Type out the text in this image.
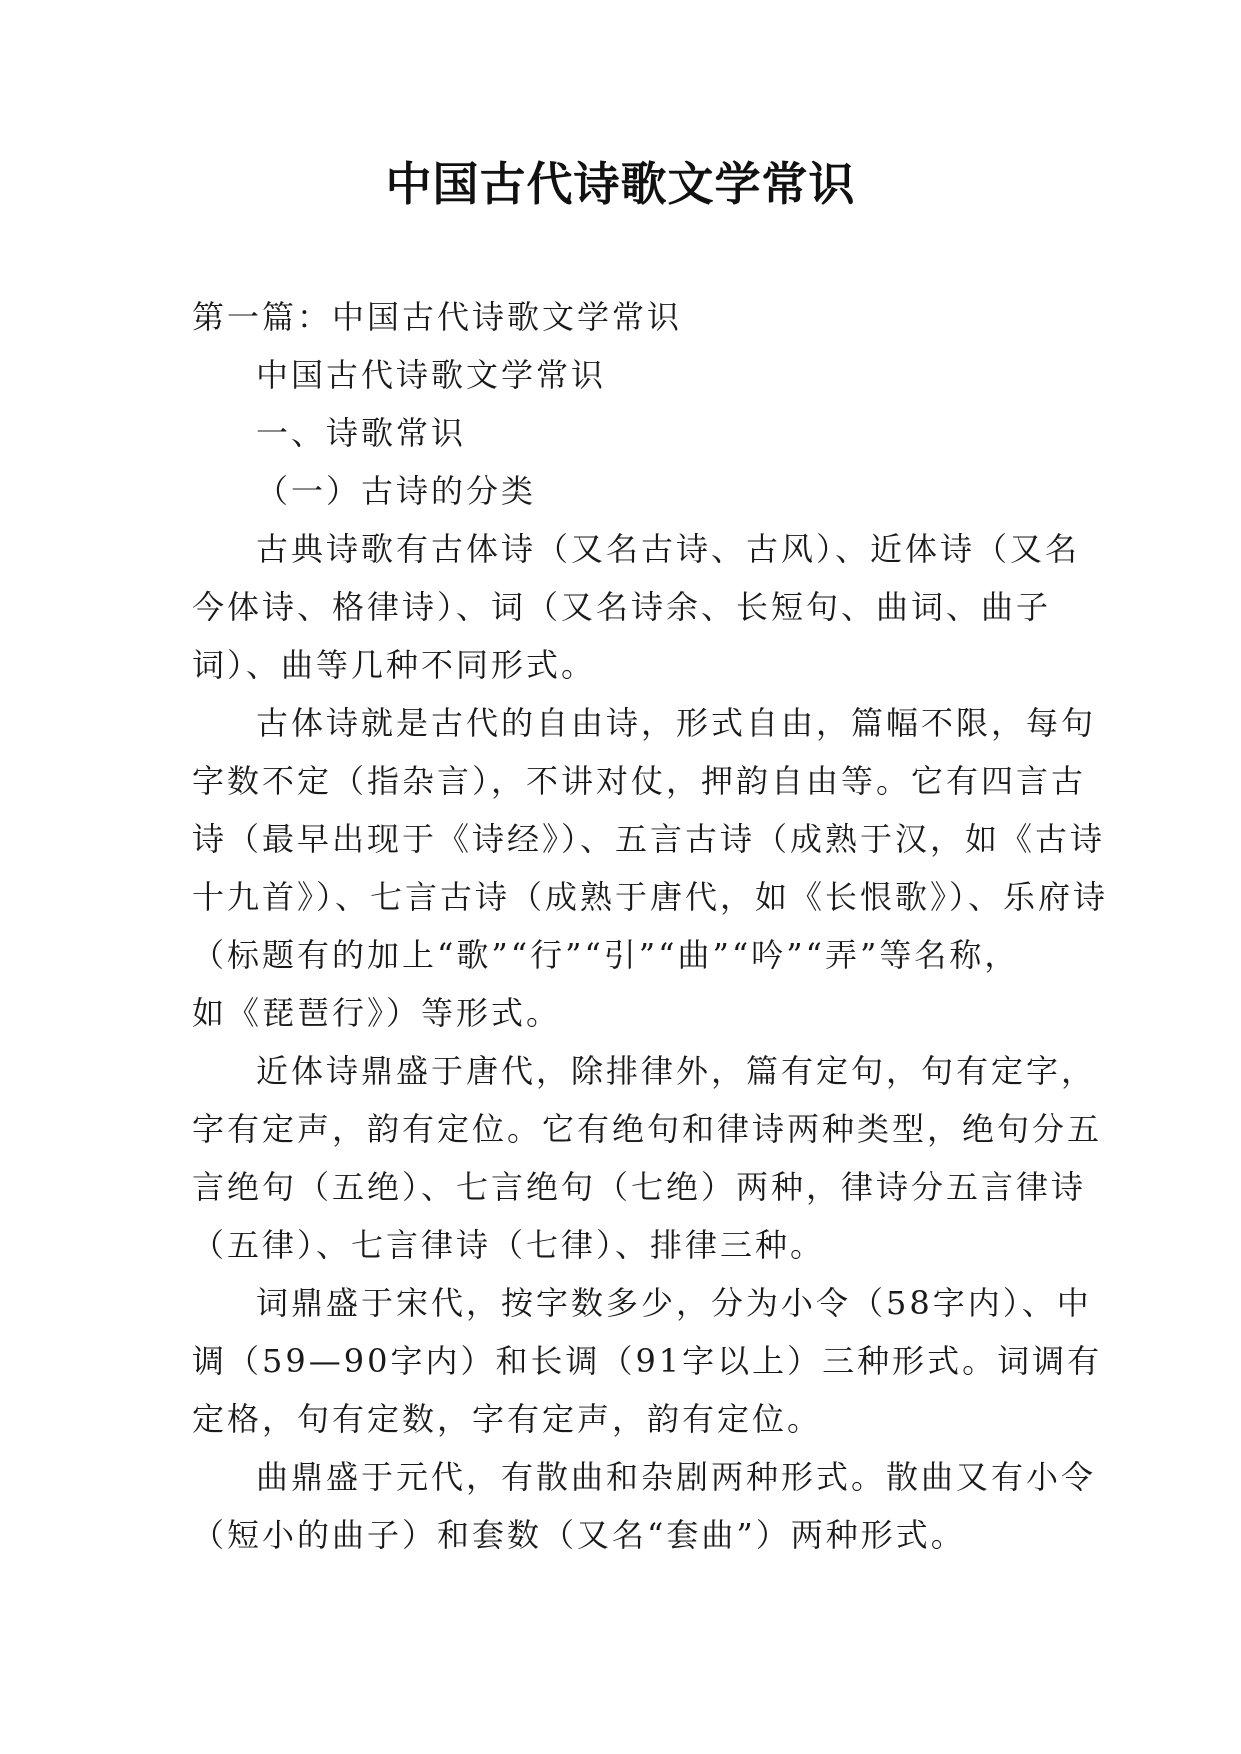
中国古代诗歌文学常识
第一篇：中国古代诗歌文学常识
中国古代诗歌文学常识
一、诗歌常识
（一）古诗的分类
古典诗歌有古体诗（又名古诗、古风）、近体诗（又名
今体诗、格律诗）、词（又名诗余、长短句、曲词、曲子
词）、曲等几种不同形式。
古体诗就是古代的自由诗，形式自由，篇幅不限，每句
字数不定（指杂言），不讲对仗，押韵自由等。它有四言古
诗（最早出现于《诗经》）、五言古诗（成熟于汉，如《古诗
十九首》）、七言古诗（成熟于唐代，如《长恨歌》）、乐府诗
（标题有的加上“歌”“行”“引”“曲”“吟”“弄”等名称，
如《琵琶行》）等形式。
近体诗鼎盛于唐代，除排律外，篇有定句，句有定字，
字有定声，韵有定位。它有绝句和律诗两种类型，绝句分五
言绝句（五绝）、七言绝句（七绝）两种，律诗分五言律诗
（五律）、七言律诗（七律）、排律三种。
词鼎盛于宋代，按字数多少，分为小令（58字内）、中
调（59—90字内）和长调（91字以上）三种形式。词调有
定格，句有定数，字有定声，韵有定位。
曲鼎盛于元代，有散曲和杂剧两种形式。散曲又有小令
（短小的曲子）和套数（又名“套曲”）两种形式。
